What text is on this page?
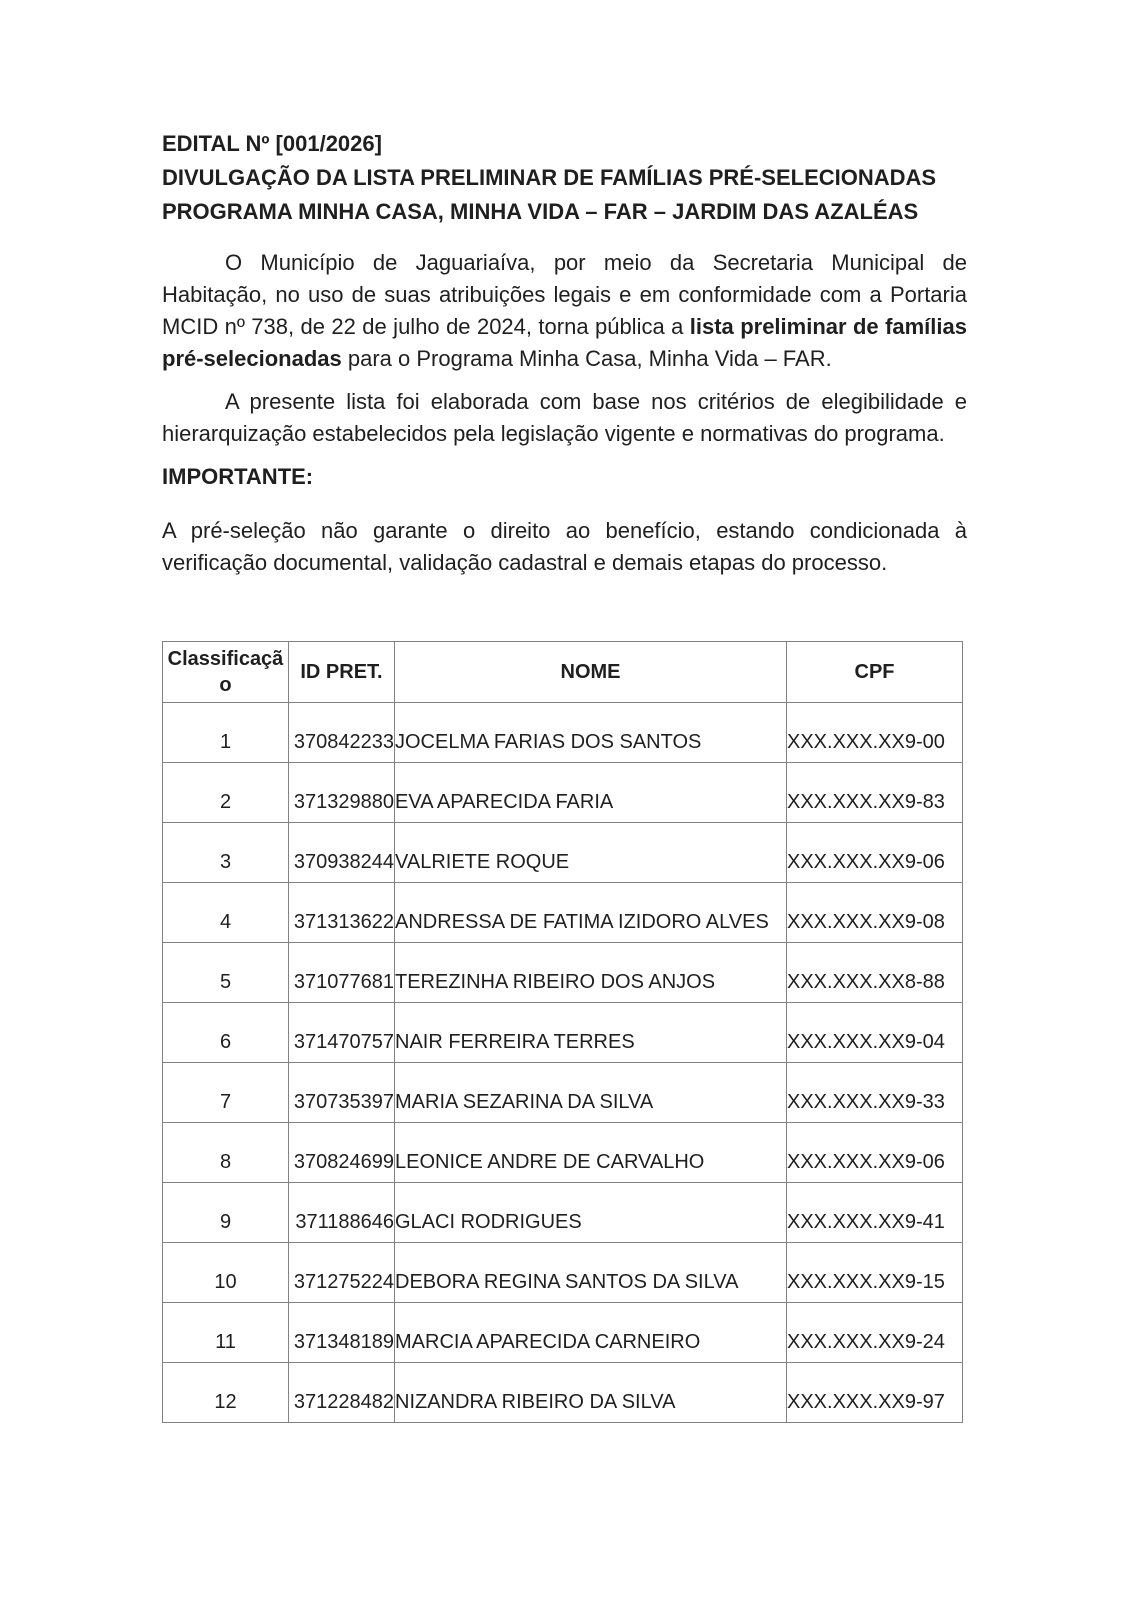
EDITAL Nº [001/2026]
DIVULGAÇÃO DA LISTA PRELIMINAR DE FAMÍLIAS PRÉ-SELECIONADAS
PROGRAMA MINHA CASA, MINHA VIDA – FAR – JARDIM DAS AZALÉAS

O Município de Jaguariaíva, por meio da Secretaria Municipal de Habitação, no uso de suas atribuições legais e em conformidade com a Portaria MCID nº 738, de 22 de julho de 2024, torna pública a lista preliminar de famílias pré-selecionadas para o Programa Minha Casa, Minha Vida – FAR.

A presente lista foi elaborada com base nos critérios de elegibilidade e hierarquização estabelecidos pela legislação vigente e normativas do programa.

IMPORTANTE:

A pré-seleção não garante o direito ao benefício, estando condicionada à verificação documental, validação cadastral e demais etapas do processo.

Classificação	ID PRET.	NOME	CPF
1	370842233	JOCELMA FARIAS DOS SANTOS	XXX.XXX.XX9-00
2	371329880	EVA APARECIDA FARIA	XXX.XXX.XX9-83
3	370938244	VALRIETE ROQUE	XXX.XXX.XX9-06
4	371313622	ANDRESSA DE FATIMA IZIDORO ALVES	XXX.XXX.XX9-08
5	371077681	TEREZINHA RIBEIRO DOS ANJOS	XXX.XXX.XX8-88
6	371470757	NAIR FERREIRA TERRES	XXX.XXX.XX9-04
7	370735397	MARIA SEZARINA DA SILVA	XXX.XXX.XX9-33
8	370824699	LEONICE ANDRE DE CARVALHO	XXX.XXX.XX9-06
9	371188646	GLACI RODRIGUES	XXX.XXX.XX9-41
10	371275224	DEBORA REGINA SANTOS DA SILVA	XXX.XXX.XX9-15
11	371348189	MARCIA APARECIDA CARNEIRO	XXX.XXX.XX9-24
12	371228482	NIZANDRA RIBEIRO DA SILVA	XXX.XXX.XX9-97
